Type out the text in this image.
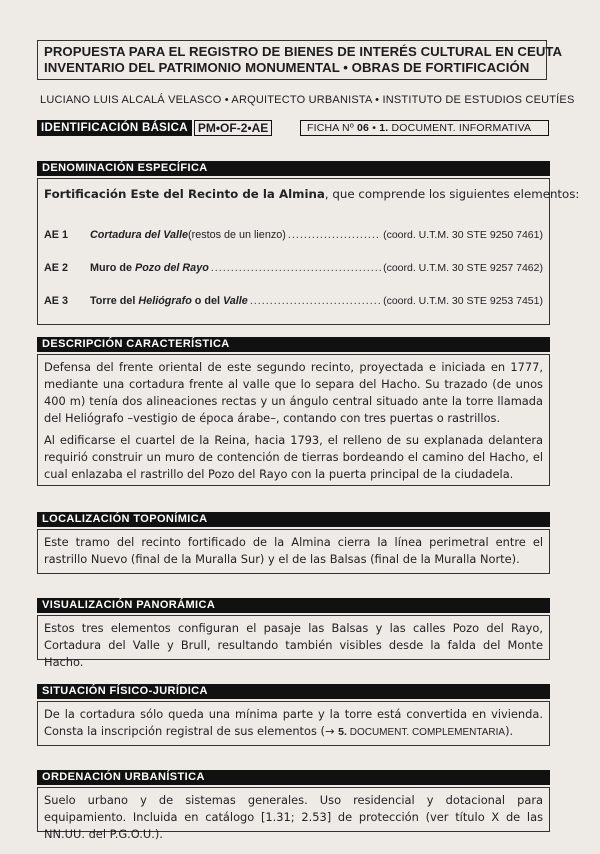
PROPUESTA PARA EL REGISTRO DE BIENES DE INTERÉS CULTURAL EN CEUTA
INVENTARIO DEL PATRIMONIO MONUMENTAL • OBRAS DE FORTIFICACIÓN
LUCIANO LUIS ALCALÁ VELASCO • ARQUITECTO URBANISTA • INSTITUTO DE ESTUDIOS CEUTÍES
IDENTIFICACIÓN BÁSICA PM•OF-2•AE	FICHA Nº 06 • 1. DOCUMENT. INFORMATIVA
DENOMINACIÓN ESPECÍFICA
Fortificación Este del Recinto de la Almina, que comprende los siguientes elementos:
AE 1	Cortadura del Valle (restos de un lienzo) .....	(coord. U.T.M. 30 STE 9250 7461)
AE 2	Muro de Pozo del Rayo .....	(coord. U.T.M. 30 STE 9257 7462)
AE 3	Torre del Heliógrafo o del Valle .....	(coord. U.T.M. 30 STE 9253 7451)
DESCRIPCIÓN CARACTERÍSTICA

Defensa del frente oriental de este segundo recinto, proyectada e iniciada en 1777, mediante una cortadura frente al valle que lo separa del Hacho. Su trazado (de unos 400 m) tenía dos alineaciones rectas y un ángulo central situado ante la torre llamada del Heliógrafo –vestigio de época árabe–, contando con tres puertas o rastrillos.

Al edificarse el cuartel de la Reina, hacia 1793, el relleno de su explanada delantera requirió construir un muro de contención de tierras bordeando el camino del Hacho, el cual enlazaba el rastrillo del Pozo del Rayo con la puerta principal de la ciudadela.

LOCALIZACIÓN TOPONÍMICA

Este tramo del recinto fortificado de la Almina cierra la línea perimetral entre el rastrillo Nuevo (final de la Muralla Sur) y el de las Balsas (final de la Muralla Norte).

VISUALIZACIÓN PANORÁMICA

Estos tres elementos configuran el pasaje las Balsas y las calles Pozo del Rayo, Cortadura del Valle y Brull, resultando también visibles desde la falda del Monte Hacho.

SITUACIÓN FÍSICO-JURÍDICA

De la cortadura sólo queda una mínima parte y la torre está convertida en vivienda. Consta la inscripción registral de sus elementos (→ 5. DOCUMENT. COMPLEMENTARIA).

ORDENACIÓN URBANÍSTICA

Suelo urbano y de sistemas generales. Uso residencial y dotacional para equipamiento. Incluida en catálogo [1.31; 2.53] de protección (ver título X de las NN.UU. del P.G.O.U.).
